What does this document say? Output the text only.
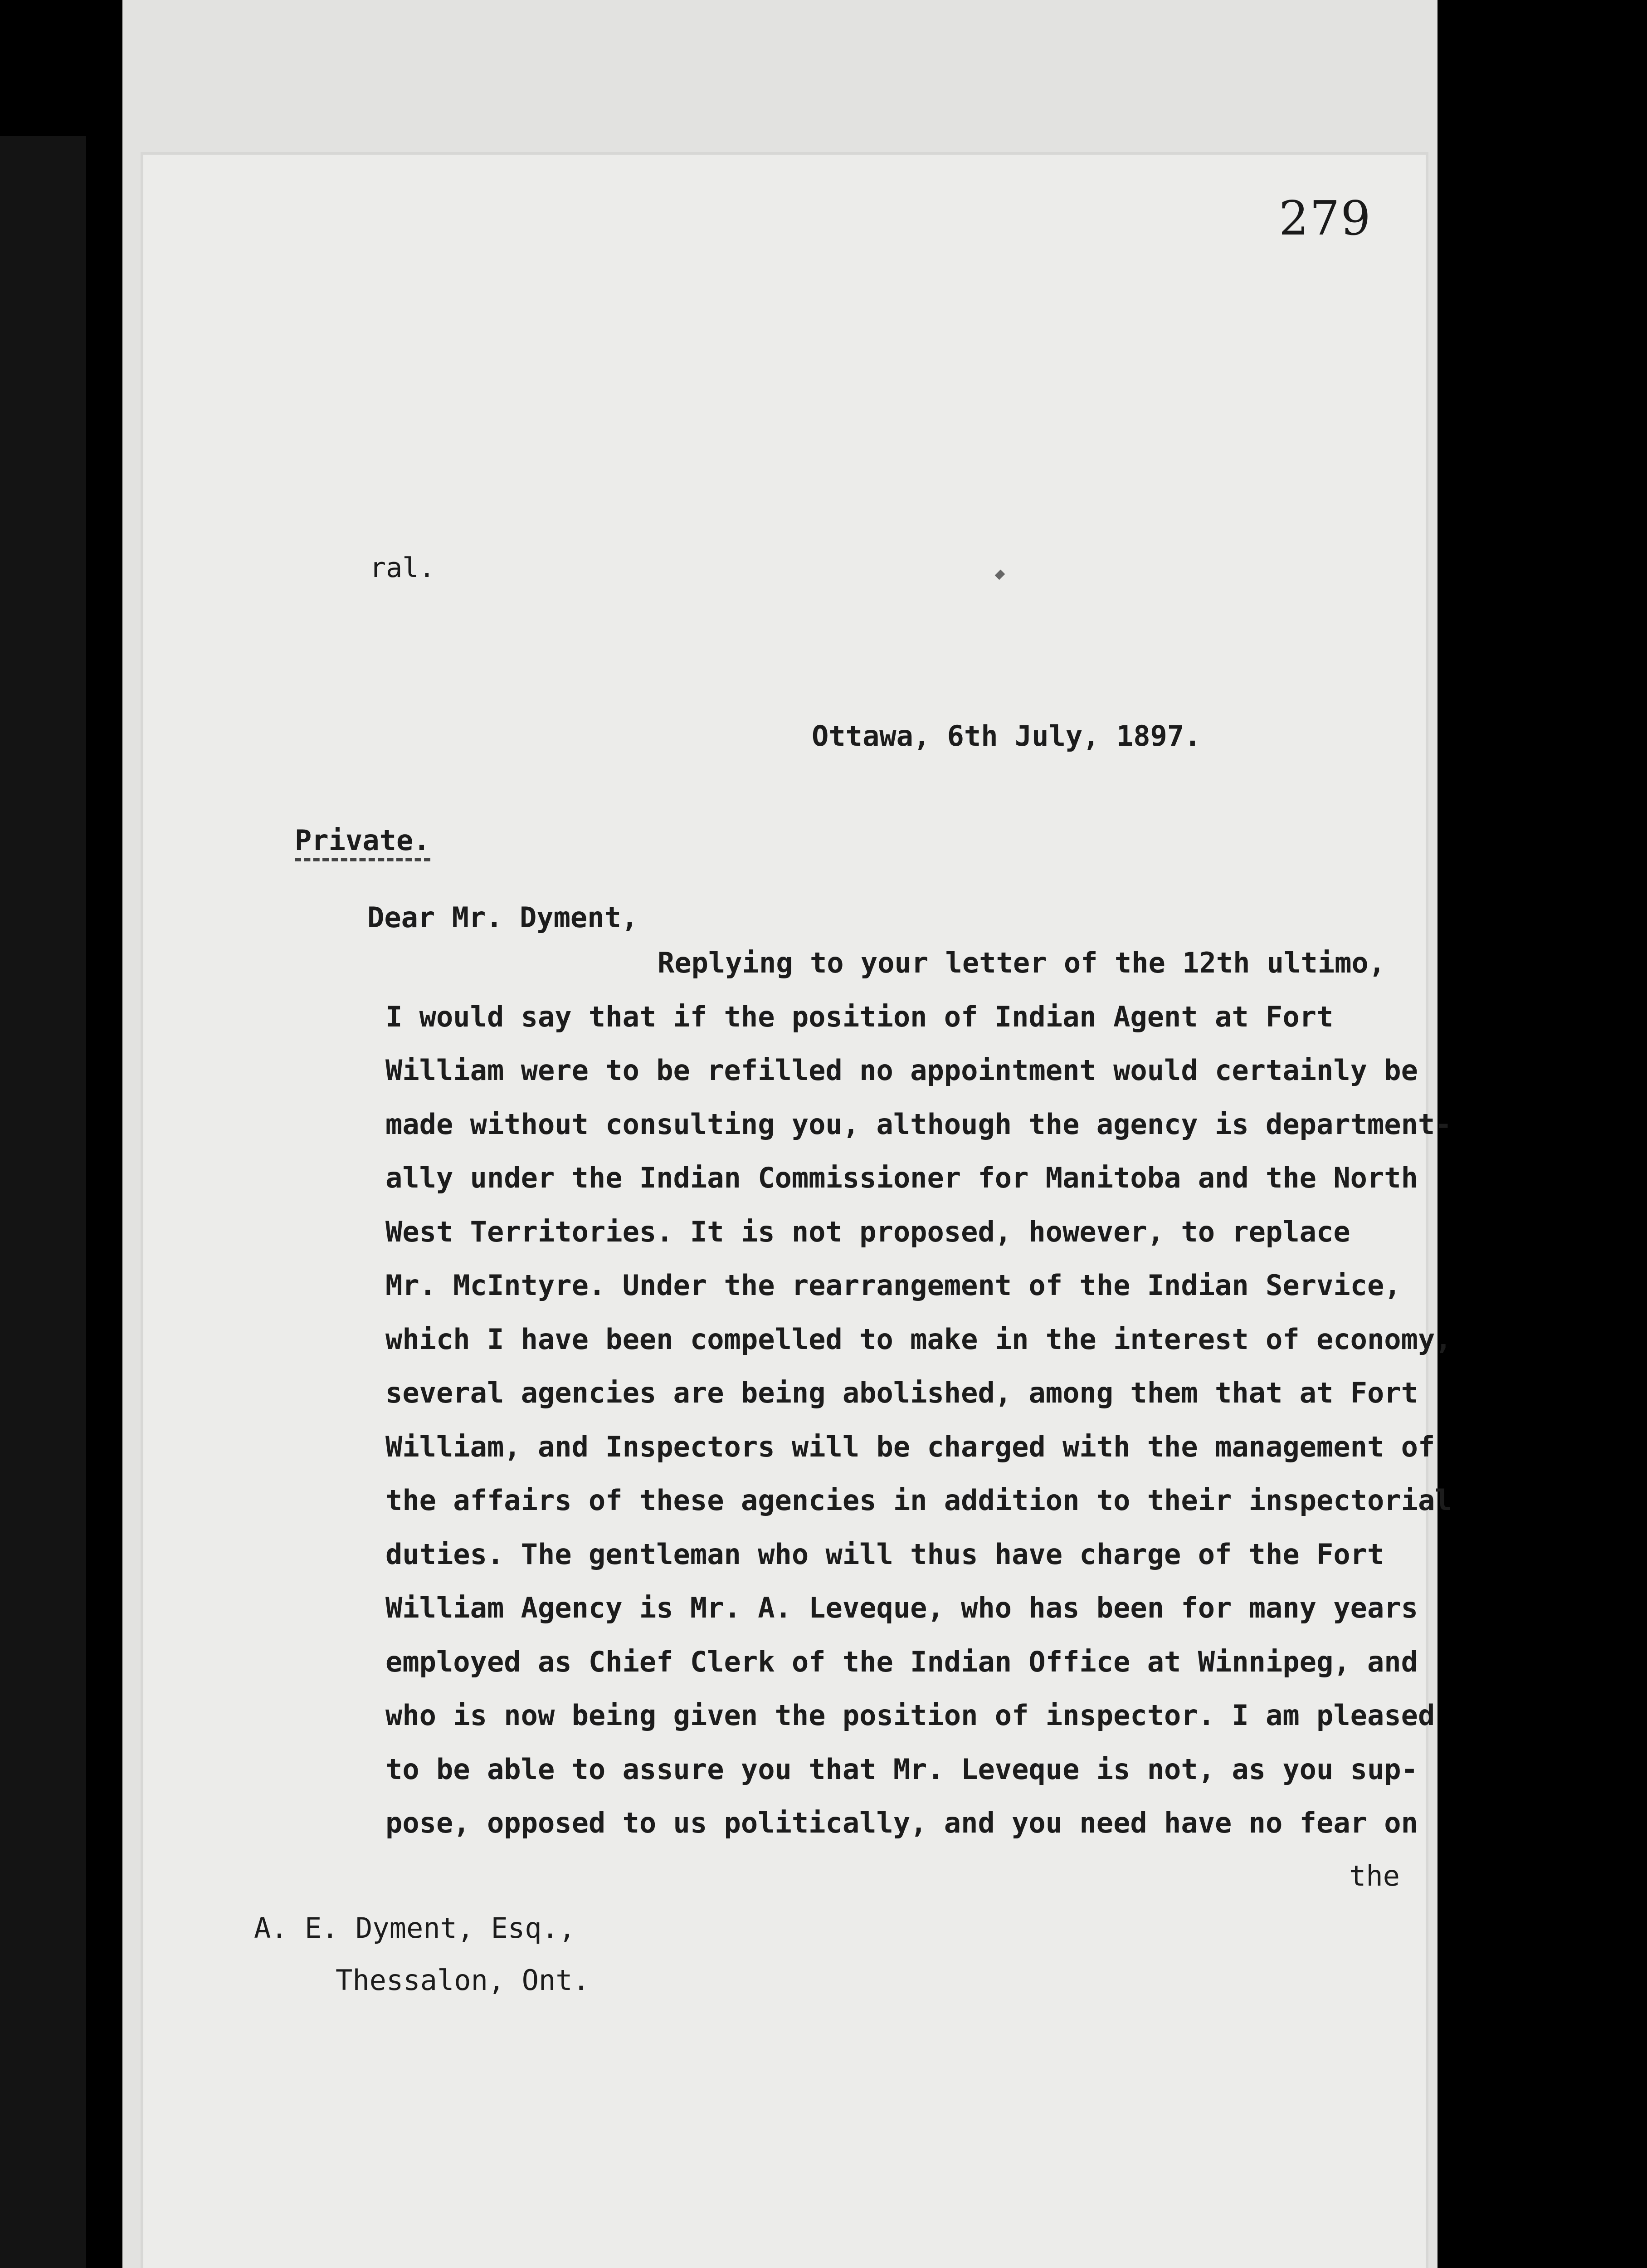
279
ral.
Ottawa, 6th July, 1897.
Private.
Dear Mr. Dyment,
Replying to your letter of the 12th ultimo,
I would say that if the position of Indian Agent at Fort
William were to be refilled no appointment would certainly be
made without consulting you, although the agency is department-
ally under the Indian Commissioner for Manitoba and the North
West Territories. It is not proposed, however, to replace
Mr. McIntyre. Under the rearrangement of the Indian Service,
which I have been compelled to make in the interest of economy,
several agencies are being abolished, among them that at Fort
William, and Inspectors will be charged with the management of
the affairs of these agencies in addition to their inspectorial
duties. The gentleman who will thus have charge of the Fort
William Agency is Mr. A. Leveque, who has been for many years
employed as Chief Clerk of the Indian Office at Winnipeg, and
who is now being given the position of inspector. I am pleased
to be able to assure you that Mr. Leveque is not, as you sup-
pose, opposed to us politically, and you need have no fear on
the
A. E. Dyment, Esq.,
Thessalon, Ont.
